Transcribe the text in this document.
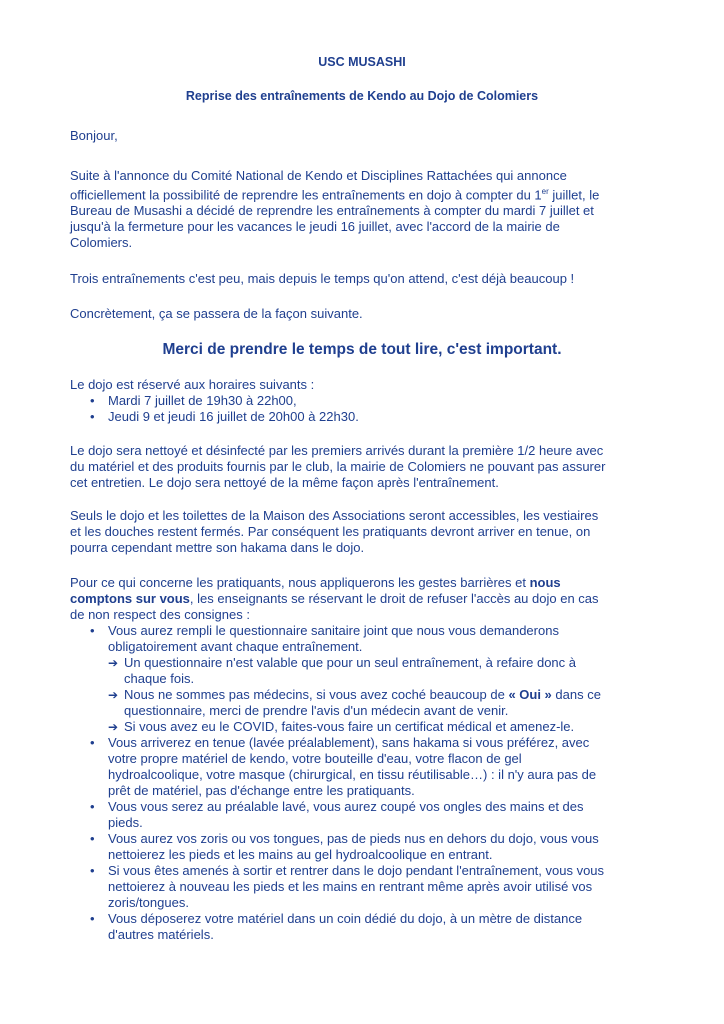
USC MUSASHI
Reprise des entraînements de Kendo au Dojo de Colomiers

Bonjour,

Suite à l'annonce du Comité National de Kendo et Disciplines Rattachées qui annonce
officiellement la possibilité de reprendre les entraînements en dojo à compter du 1er juillet, le
Bureau de Musashi a décidé de reprendre les entraînements à compter du mardi 7 juillet et
jusqu'à la fermeture pour les vacances le jeudi 16 juillet, avec l'accord de la mairie de
Colomiers.
Trois entraînements c'est peu, mais depuis le temps qu'on attend, c'est déjà beaucoup !
Concrètement, ça se passera de la façon suivante.
Merci de prendre le temps de tout lire, c'est important.
Le dojo est réservé aux horaires suivants :
• Mardi 7 juillet de 19h30 à 22h00,
• Jeudi 9 et jeudi 16 juillet de 20h00 à 22h30.
Le dojo sera nettoyé et désinfecté par les premiers arrivés durant la première 1/2 heure avec
du matériel et des produits fournis par le club, la mairie de Colomiers ne pouvant pas assurer
cet entretien. Le dojo sera nettoyé de la même façon après l'entraînement.
Seuls le dojo et les toilettes de la Maison des Associations seront accessibles, les vestiaires
et les douches restent fermés. Par conséquent les pratiquants devront arriver en tenue, on
pourra cependant mettre son hakama dans le dojo.
Pour ce qui concerne les pratiquants, nous appliquerons les gestes barrières et nous
comptons sur vous, les enseignants se réservant le droit de refuser l'accès au dojo en cas
de non respect des consignes :
• Vous aurez rempli le questionnaire sanitaire joint que nous vous demanderons
obligatoirement avant chaque entraînement.
➔ Un questionnaire n'est valable que pour un seul entraînement, à refaire donc à
chaque fois.
➔ Nous ne sommes pas médecins, si vous avez coché beaucoup de « Oui » dans ce
questionnaire, merci de prendre l'avis d'un médecin avant de venir.
➔ Si vous avez eu le COVID, faites-vous faire un certificat médical et amenez-le.
• Vous arriverez en tenue (lavée préalablement), sans hakama si vous préférez, avec
votre propre matériel de kendo, votre bouteille d'eau, votre flacon de gel
hydroalcoolique, votre masque (chirurgical, en tissu réutilisable…) : il n'y aura pas de
prêt de matériel, pas d'échange entre les pratiquants.
• Vous vous serez au préalable lavé, vous aurez coupé vos ongles des mains et des
pieds.
• Vous aurez vos zoris ou vos tongues, pas de pieds nus en dehors du dojo, vous vous
nettoierez les pieds et les mains au gel hydroalcoolique en entrant.
• Si vous êtes amenés à sortir et rentrer dans le dojo pendant l'entraînement, vous vous
nettoierez à nouveau les pieds et les mains en rentrant même après avoir utilisé vos
zoris/tongues.
• Vous déposerez votre matériel dans un coin dédié du dojo, à un mètre de distance
d'autres matériels.
